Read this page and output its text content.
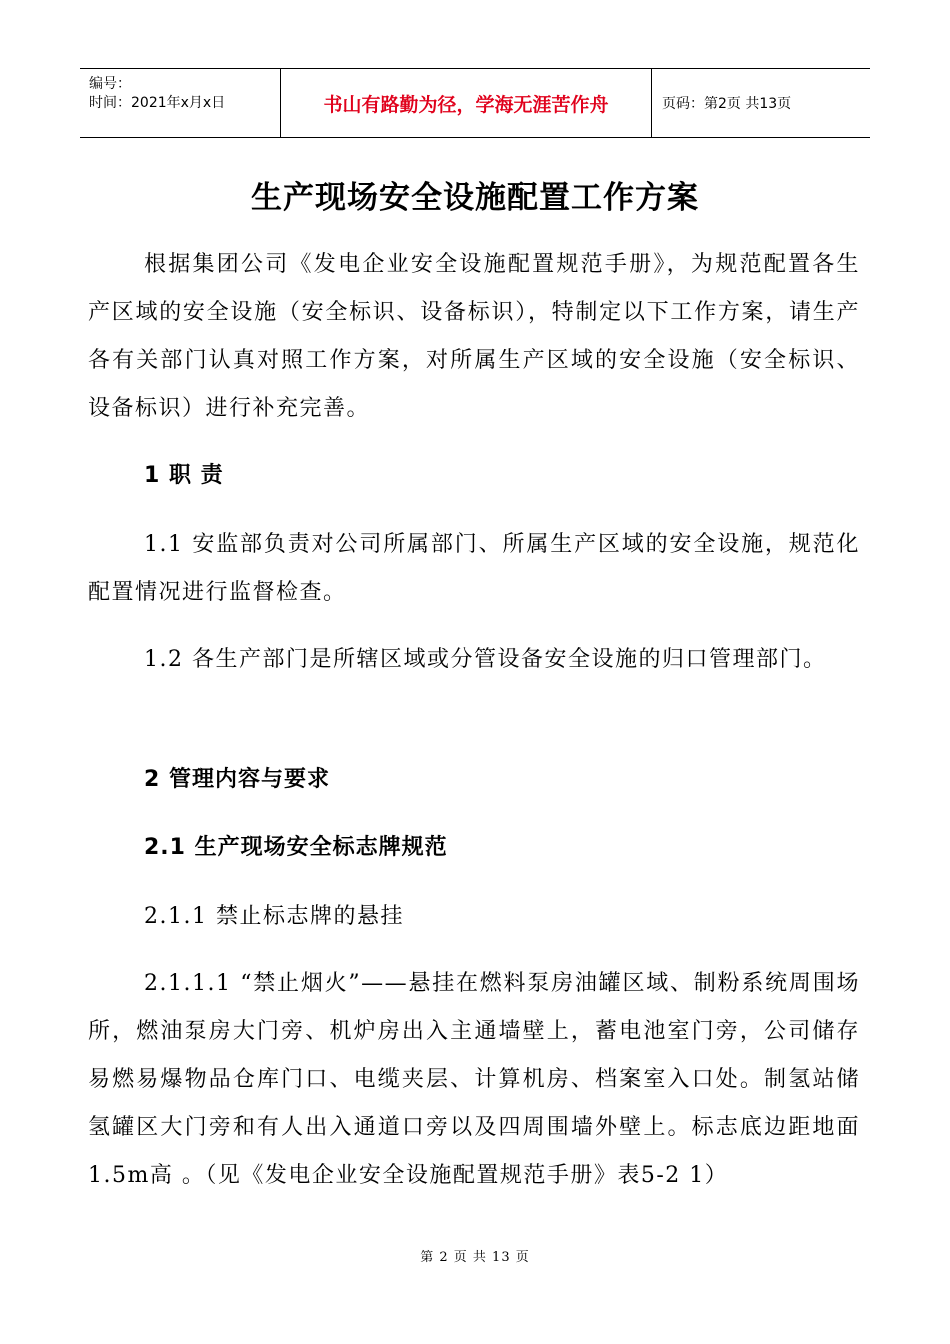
编号：
时间：2021年x月x日	书山有路勤为径，学海无涯苦作舟	页码：第2页 共13页
生产现场安全设施配置工作方案

根据集团公司《发电企业安全设施配置规范手册》，为规范配置各生产区域的安全设施（安全标识、设备标识），特制定以下工作方案，请生产各有关部门认真对照工作方案，对所属生产区域的安全设施（安全标识、设备标识）进行补充完善。

1 职 责

1.1 安监部负责对公司所属部门、所属生产区域的安全设施，规范化配置情况进行监督检查。

1.2 各生产部门是所辖区域或分管设备安全设施的归口管理部门。

2 管理内容与要求
2.1 生产现场安全标志牌规范
2.1.1 禁止标志牌的悬挂

2.1.1.1 “禁止烟火”——悬挂在燃料泵房油罐区域、制粉系统周围场所，燃油泵房大门旁、机炉房出入主通墙壁上，蓄电池室门旁，公司储存易燃易爆物品仓库门口、电缆夹层、计算机房、档案室入口处。制氢站储氢罐区大门旁和有人出入通道口旁以及四周围墙外壁上。标志底边距地面1.5m高 。（见《发电企业安全设施配置规范手册》表5-2 1）

第 2 页 共 13 页
